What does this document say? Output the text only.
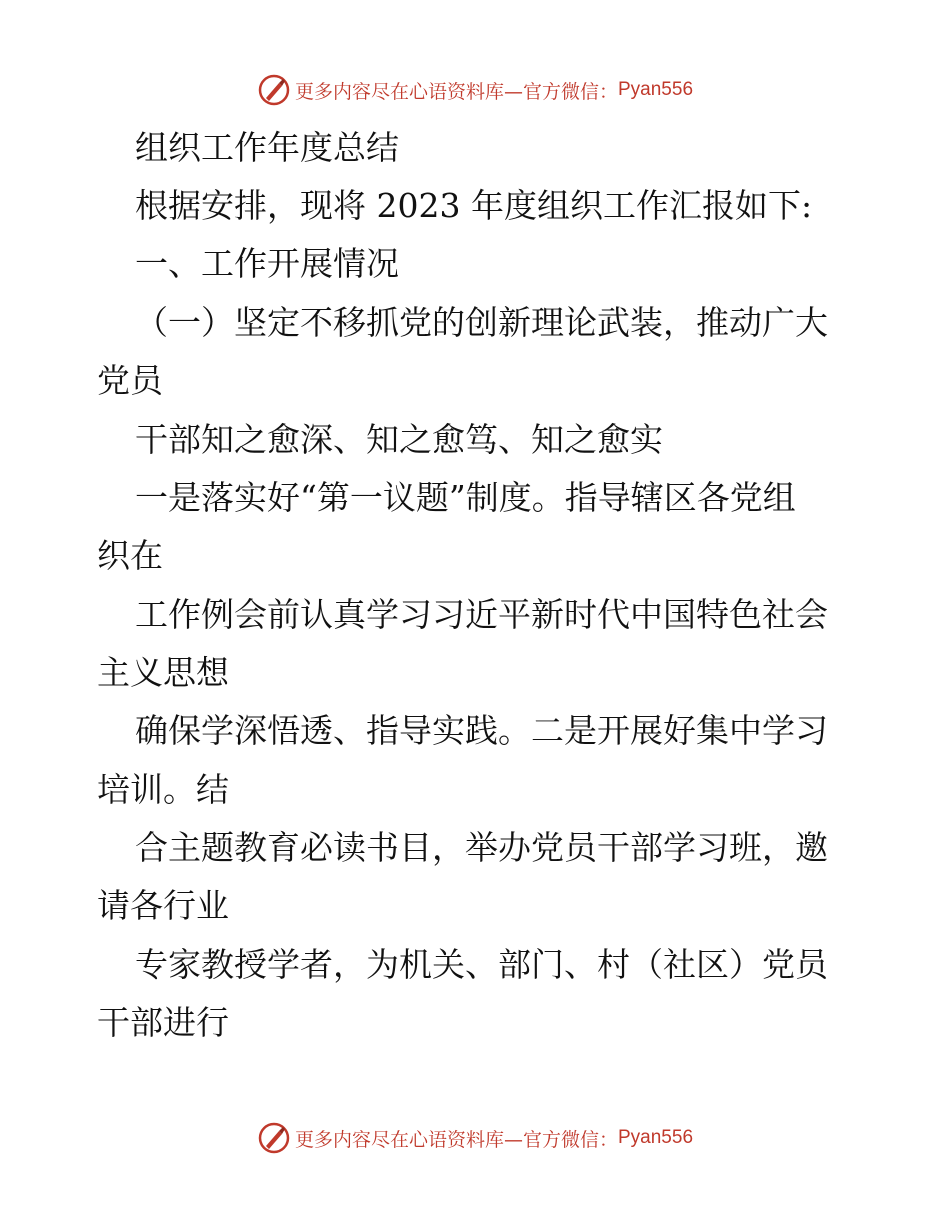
更多内容尽在心语资料库—官方微信： Pyan556
组织工作年度总结
根据安排，现将 2023 年度组织工作汇报如下:
一、工作开展情况
（一）坚定不移抓党的创新理论武装，推动广大
党员
干部知之愈深、知之愈笃、知之愈实
一是落实好“第一议题”制度。指导辖区各党组
织在
工作例会前认真学习习近平新时代中国特色社会
主义思想
确保学深悟透、指导实践。二是开展好集中学习
培训。结
合主题教育必读书目，举办党员干部学习班，邀
请各行业
专家教授学者，为机关、部门、村（社区）党员
干部进行
更多内容尽在心语资料库—官方微信： Pyan556
